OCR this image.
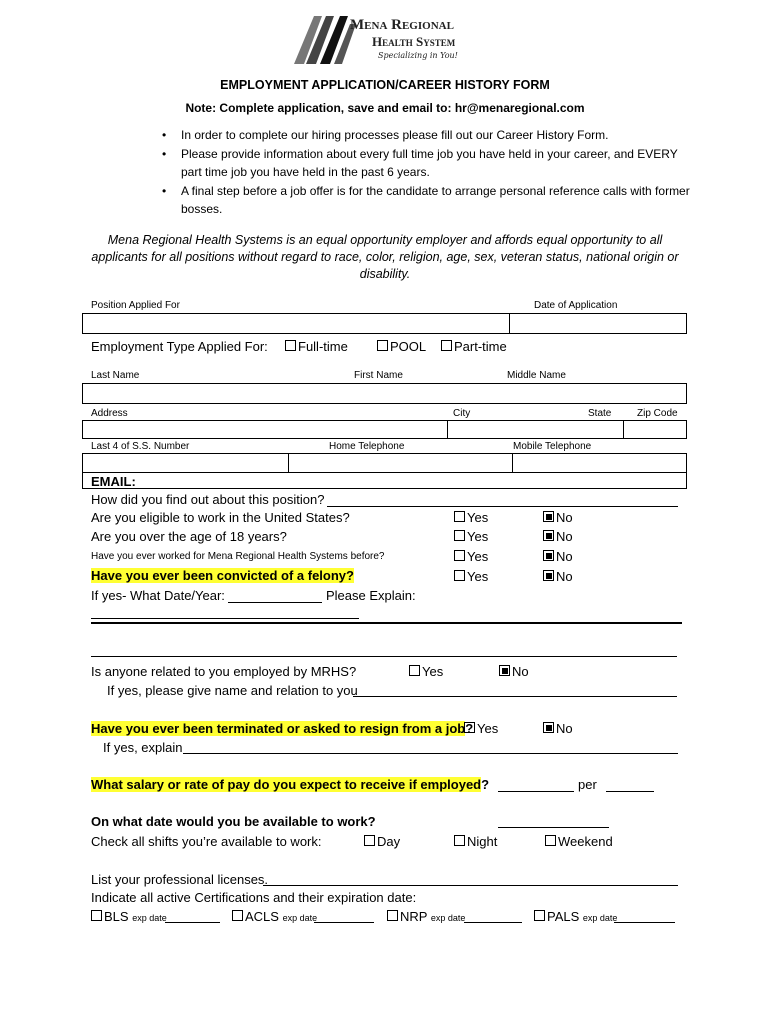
Mena Regional
Health System
Specializing in You!
EMPLOYMENT APPLICATION/CAREER HISTORY FORM
Note: Complete application, save and email to: hr@menaregional.com
• In order to complete our hiring processes please fill out our Career History Form.
• Please provide information about every full time job you have held in your career, and EVERY
part time job you have held in the past 6 years.
• A final step before a job offer is for the candidate to arrange personal reference calls with former
bosses.
Mena Regional Health Systems is an equal opportunity employer and affords equal opportunity to all
applicants for all positions without regard to race, color, religion, age, sex, veteran status, national origin or
disability.
Position Applied For	Date of Application
Employment Type Applied For:	Full-time	POOL	Part-time
Last Name	First Name	Middle Name
Address	City	State	Zip Code
Last 4 of S.S. Number	Home Telephone	Mobile Telephone
EMAIL:
How did you find out about this position?
Are you eligible to work in the United States?	Yes	No
Are you over the age of 18 years?	Yes	No
Have you ever worked for Mena Regional Health Systems before?	Yes	No
Have you ever been convicted of a felony?	Yes	No
If yes- What Date/Year:	Please Explain:
Is anyone related to you employed by MRHS?	Yes	No
If yes, please give name and relation to you
Have you ever been terminated or asked to resign from a job? Yes	No
If yes, explain
What salary or rate of pay do you expect to receive if employed?	per
On what date would you be available to work?
Check all shifts you’re available to work:	Day	Night	Weekend
List your professional licenses.
Indicate all active Certifications and their expiration date:
BLS exp date	ACLS exp date	NRP exp date	PALS exp date
